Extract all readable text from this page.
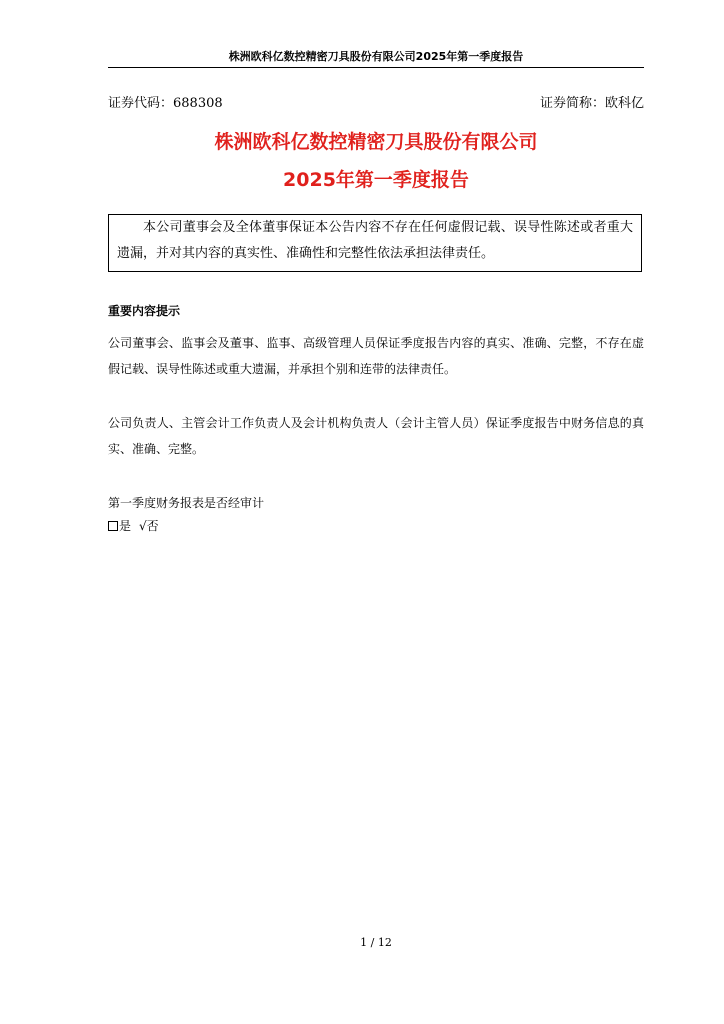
株洲欧科亿数控精密刀具股份有限公司2025年第一季度报告
证券代码：688308	证券简称：欧科亿
株洲欧科亿数控精密刀具股份有限公司
2025年第一季度报告
本公司董事会及全体董事保证本公告内容不存在任何虚假记载、误导性陈述或者重大遗漏，并对其内容的真实性、准确性和完整性依法承担法律责任。
重要内容提示
公司董事会、监事会及董事、监事、高级管理人员保证季度报告内容的真实、准确、完整，不存在虚假记载、误导性陈述或重大遗漏，并承担个别和连带的法律责任。
公司负责人、主管会计工作负责人及会计机构负责人（会计主管人员）保证季度报告中财务信息的真实、准确、完整。
第一季度财务报表是否经审计
是 √否
1 / 12
